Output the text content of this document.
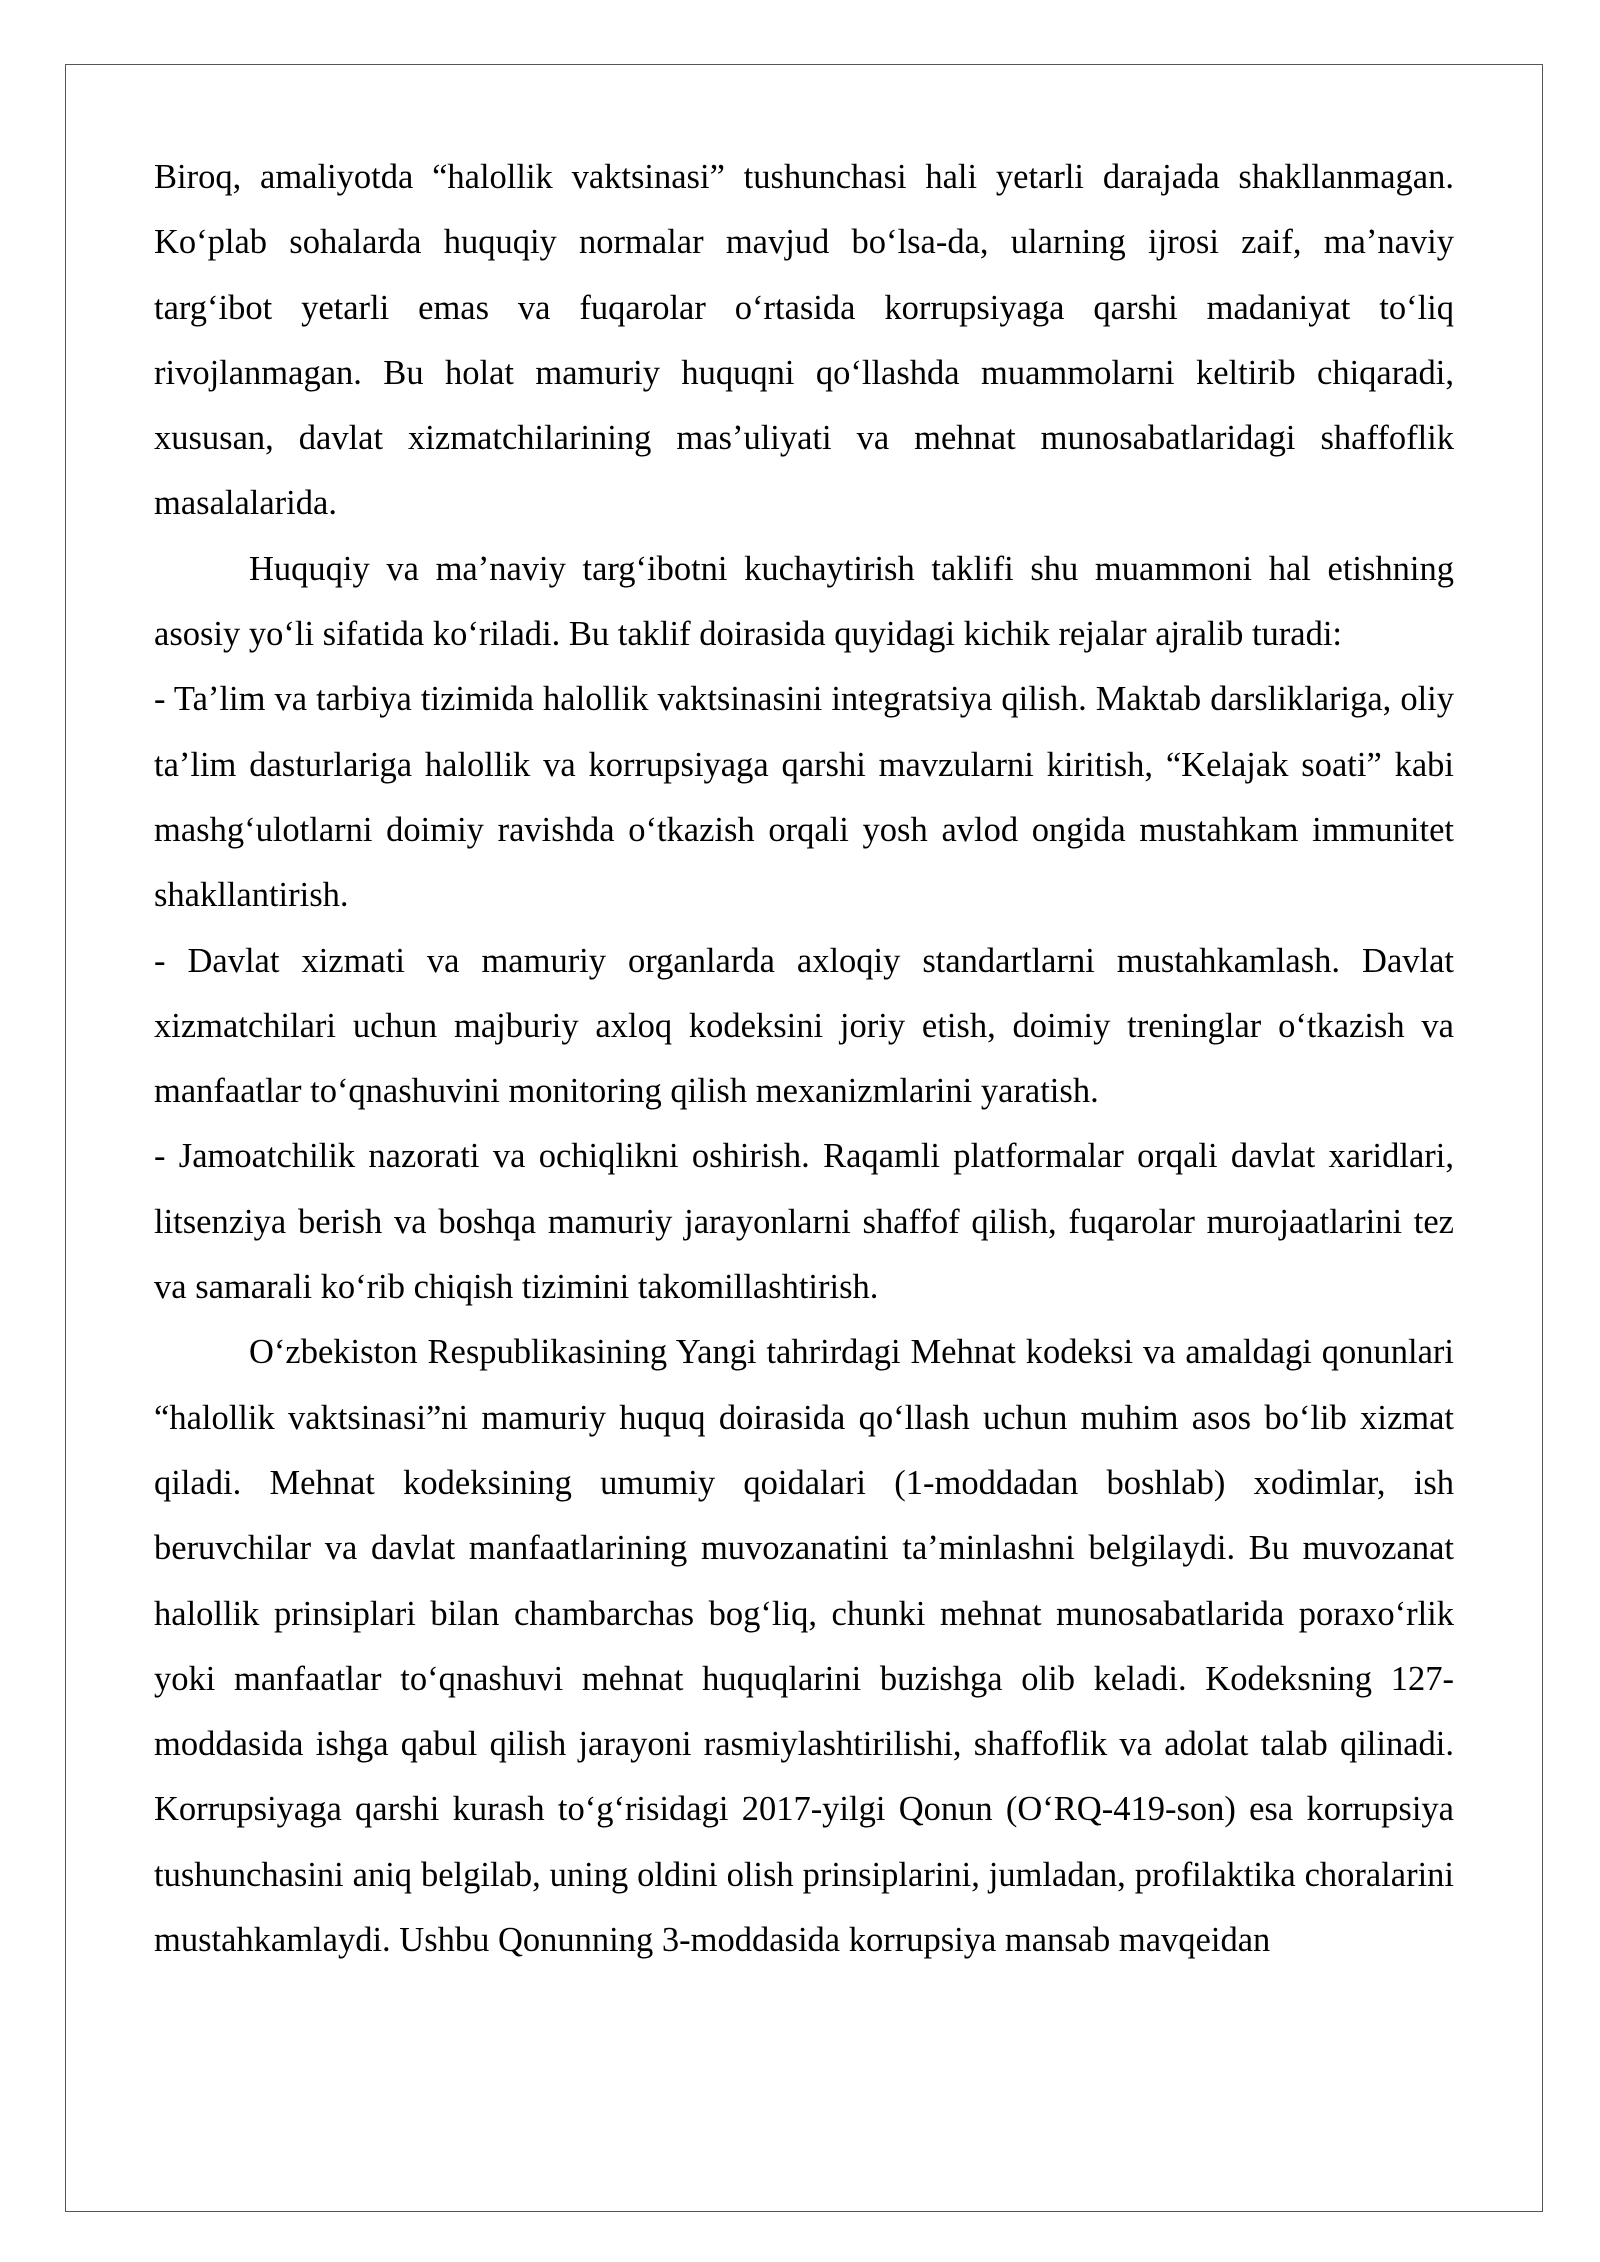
Biroq, amaliyotda “halollik vaktsinasi” tushunchasi hali yetarli darajada shakllanmagan. Koʻplab sohalarda huquqiy normalar mavjud boʻlsa-da, ularning ijrosi zaif, maʼnaviy targʻibot yetarli emas va fuqarolar oʻrtasida korrupsiyaga qarshi madaniyat toʻliq rivojlanmagan. Bu holat mamuriy huquqni qoʻllashda muammolarni keltirib chiqaradi, xususan, davlat xizmatchilarining masʼuliyati va mehnat munosabatlaridagi shaffoflik masalalarida.

Huquqiy va maʼnaviy targʻibotni kuchaytirish taklifi shu muammoni hal etishning asosiy yoʻli sifatida koʻriladi. Bu taklif doirasida quyidagi kichik rejalar ajralib turadi:

- Taʼlim va tarbiya tizimida halollik vaktsinasini integratsiya qilish. Maktab darsliklariga, oliy taʼlim dasturlariga halollik va korrupsiyaga qarshi mavzularni kiritish, “Kelajak soati” kabi mashgʻulotlarni doimiy ravishda oʻtkazish orqali yosh avlod ongida mustahkam immunitet shakllantirish.

- Davlat xizmati va mamuriy organlarda axloqiy standartlarni mustahkamlash. Davlat xizmatchilari uchun majburiy axloq kodeksini joriy etish, doimiy treninglar oʻtkazish va manfaatlar toʻqnashuvini monitoring qilish mexanizmlarini yaratish.

- Jamoatchilik nazorati va ochiqlikni oshirish. Raqamli platformalar orqali davlat xaridlari, litsenziya berish va boshqa mamuriy jarayonlarni shaffof qilish, fuqarolar murojaatlarini tez va samarali koʻrib chiqish tizimini takomillashtirish.

Oʻzbekiston Respublikasining Yangi tahrirdagi Mehnat kodeksi va amaldagi qonunlari “halollik vaktsinasi”ni mamuriy huquq doirasida qoʻllash uchun muhim asos boʻlib xizmat qiladi. Mehnat kodeksining umumiy qoidalari (1-moddadan boshlab) xodimlar, ish beruvchilar va davlat manfaatlarining muvozanatini taʼminlashni belgilaydi. Bu muvozanat halollik prinsiplari bilan chambarchas bogʻliq, chunki mehnat munosabatlarida poraxoʻrlik yoki manfaatlar toʻqnashuvi mehnat huquqlarini buzishga olib keladi. Kodeksning 127-moddasida ishga qabul qilish jarayoni rasmiylashtirilishi, shaffoflik va adolat talab qilinadi. Korrupsiyaga qarshi kurash toʻgʻrisidagi 2017-yilgi Qonun (OʻRQ-419-son) esa korrupsiya tushunchasini aniq belgilab, uning oldini olish prinsiplarini, jumladan, profilaktika choralarini mustahkamlaydi. Ushbu Qonunning 3-moddasida korrupsiya mansab mavqeidan
